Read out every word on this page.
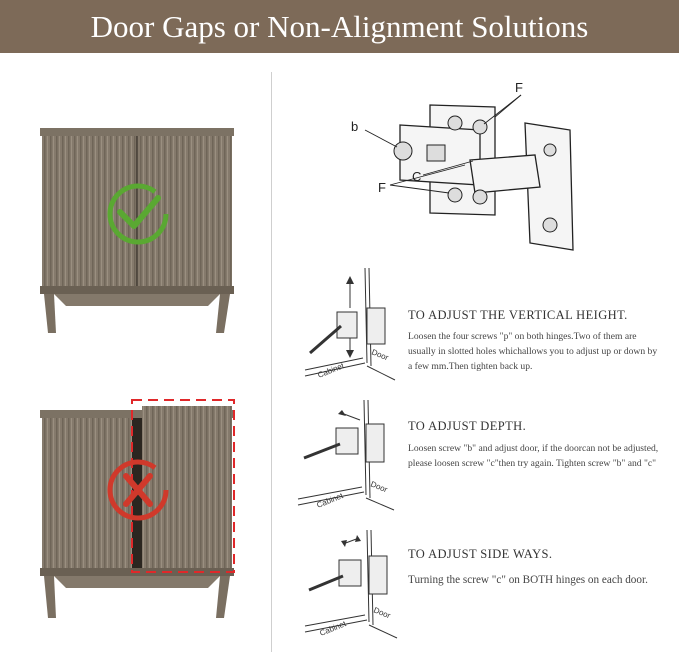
Door Gaps or Non-Alignment Solutions
b
F
F
C
Cabinet
Door
Cabinet
Door
Cabinet
Door
TO ADJUST THE VERTICAL HEIGHT.
Loosen the four screws "p" on both hinges.Two of them are usually in slotted holes whichallows you to adjust up or down by a few mm.Then tighten back up.
TO ADJUST DEPTH.
Loosen screw "b" and adjust door, if the doorcan not be adjusted, please loosen screw "c"then try again. Tighten screw "b" and "c"
TO ADJUST SIDE WAYS.
Turning the screw "c" on BOTH hinges on each door.
